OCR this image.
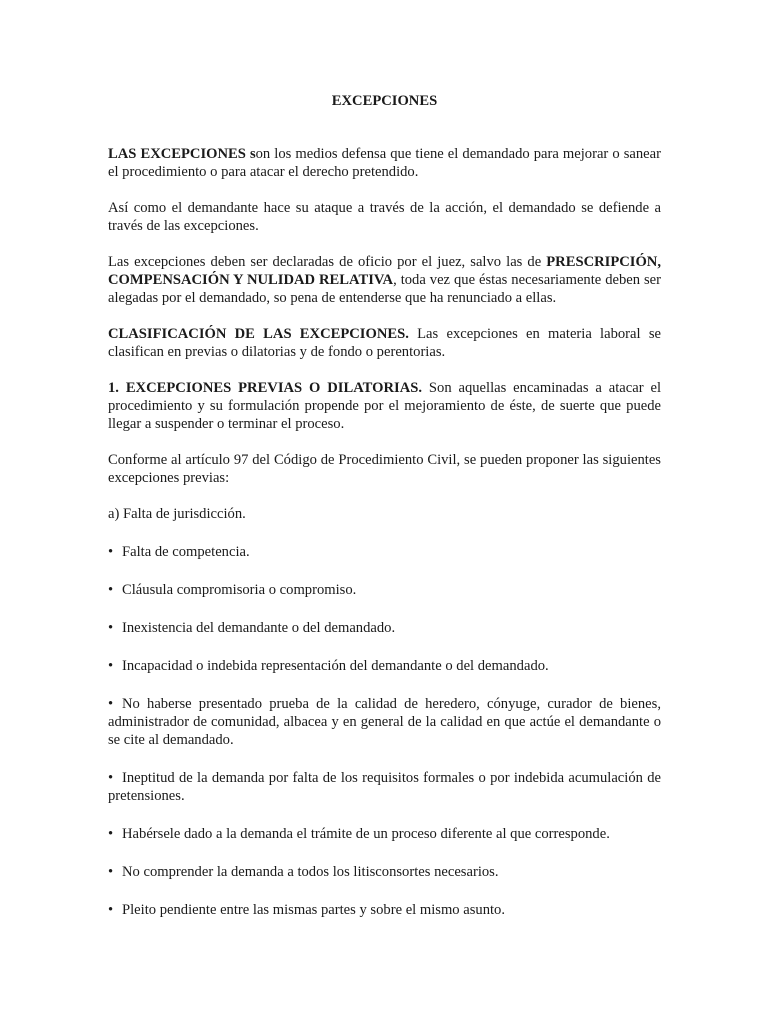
EXCEPCIONES

LAS EXCEPCIONES son los medios defensa que tiene el demandado para mejorar o sanear el procedimiento o para atacar el derecho pretendido.

Así como el demandante hace su ataque a través de la acción, el demandado se defiende a través de las excepciones.

Las excepciones deben ser declaradas de oficio por el juez, salvo las de PRESCRIPCIÓN, COMPENSACIÓN Y NULIDAD RELATIVA, toda vez que éstas necesariamente deben ser alegadas por el demandado, so pena de entenderse que ha renunciado a ellas.

CLASIFICACIÓN DE LAS EXCEPCIONES. Las excepciones en materia laboral se clasifican en previas o dilatorias y de fondo o perentorias.

1. EXCEPCIONES PREVIAS O DILATORIAS. Son aquellas encaminadas a atacar el procedimiento y su formulación propende por el mejoramiento de éste, de suerte que puede llegar a suspender o terminar el proceso.

Conforme al artículo 97 del Código de Procedimiento Civil, se pueden proponer las siguientes excepciones previas:

a) Falta de jurisdicción.
• Falta de competencia.
• Cláusula compromisoria o compromiso.
• Inexistencia del demandante o del demandado.
• Incapacidad o indebida representación del demandante o del demandado.
• No haberse presentado prueba de la calidad de heredero, cónyuge, curador de bienes, administrador de comunidad, albacea y en general de la calidad en que actúe el demandante o se cite al demandado.
• Ineptitud de la demanda por falta de los requisitos formales o por indebida acumulación de pretensiones.
• Habérsele dado a la demanda el trámite de un proceso diferente al que corresponde.
• No comprender la demanda a todos los litisconsortes necesarios.
• Pleito pendiente entre las mismas partes y sobre el mismo asunto.
